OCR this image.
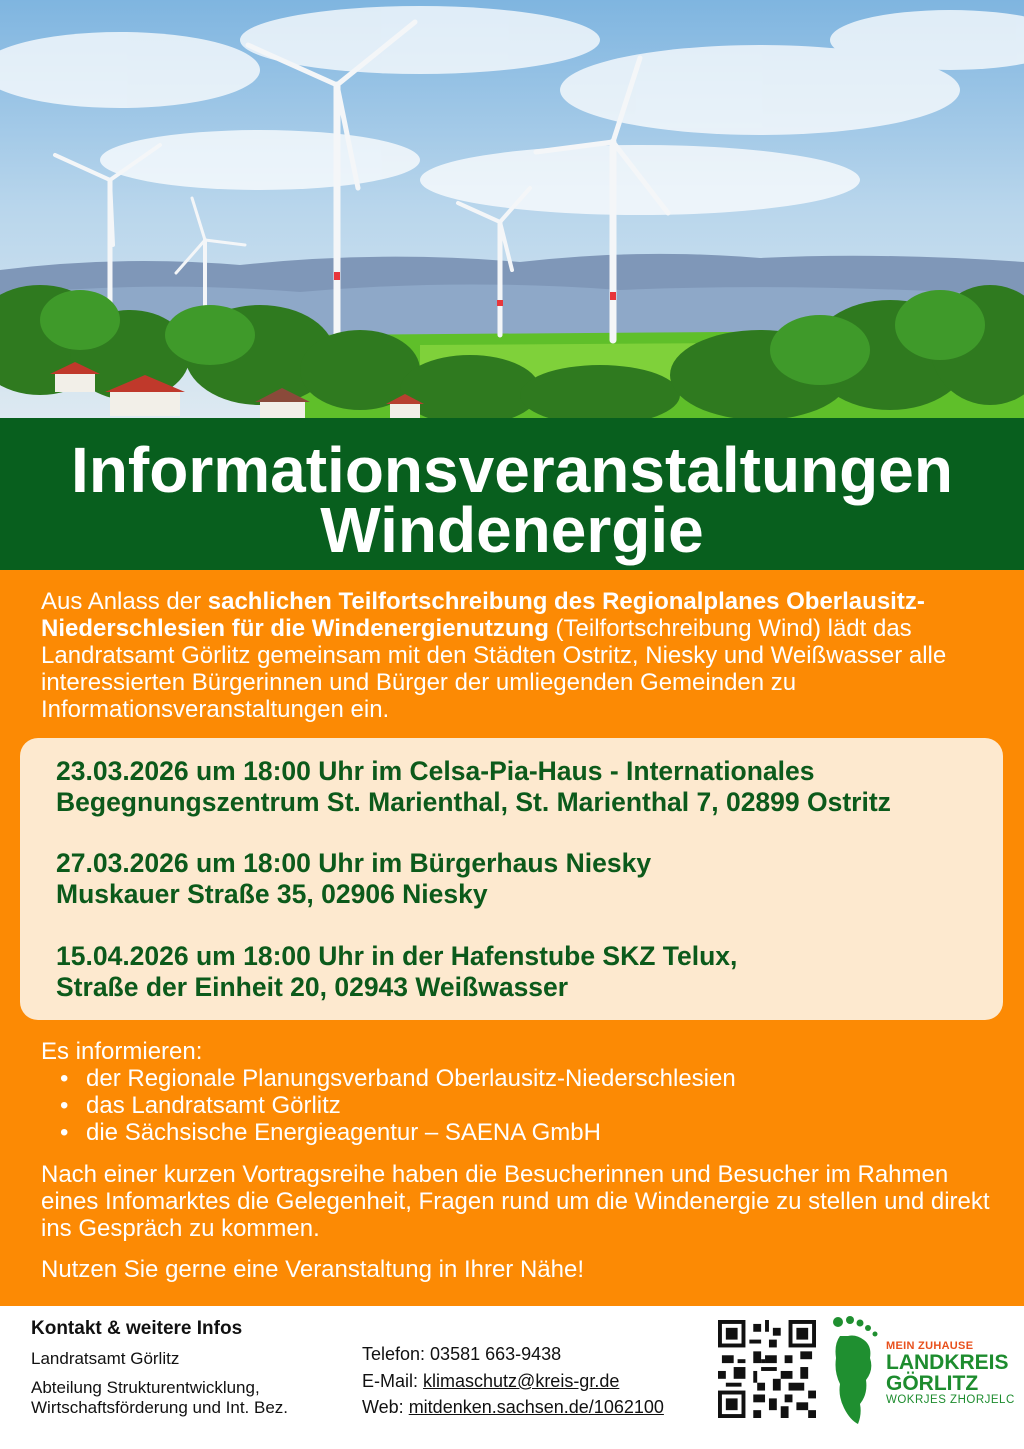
Informationsveranstaltungen
Windenergie
Aus Anlass der sachlichen Teilfortschreibung des Regionalplanes Oberlausitz-Niederschlesien für die Windenergienutzung (Teilfortschreibung Wind) lädt das Landratsamt Görlitz gemeinsam mit den Städten Ostritz, Niesky und Weißwasser alle interessierten Bürgerinnen und Bürger der umliegenden Gemeinden zu Informationsveranstaltungen ein.
23.03.2026 um 18:00 Uhr im Celsa-Pia-Haus - Internationales
Begegnungszentrum St. Marienthal, St. Marienthal 7, 02899 Ostritz
27.03.2026 um 18:00 Uhr im Bürgerhaus Niesky
Muskauer Straße 35, 02906 Niesky
15.04.2026 um 18:00 Uhr in der Hafenstube SKZ Telux,
Straße der Einheit 20, 02943 Weißwasser
Es informieren:
• der Regionale Planungsverband Oberlausitz-Niederschlesien
• das Landratsamt Görlitz
• die Sächsische Energieagentur – SAENA GmbH
Nach einer kurzen Vortragsreihe haben die Besucherinnen und Besucher im Rahmen eines Infomarktes die Gelegenheit, Fragen rund um die Windenergie zu stellen und direkt ins Gespräch zu kommen.
Nutzen Sie gerne eine Veranstaltung in Ihrer Nähe!
Kontakt & weitere Infos
Landratsamt Görlitz
Abteilung Strukturentwicklung,
Wirtschaftsförderung und Int. Bez.
Telefon: 03581 663-9438
E-Mail: klimaschutz@kreis-gr.de
Web: mitdenken.sachsen.de/1062100
MEIN ZUHAUSE
LANDKREIS
GÖRLITZ
WOKRJES ZHORJELC
